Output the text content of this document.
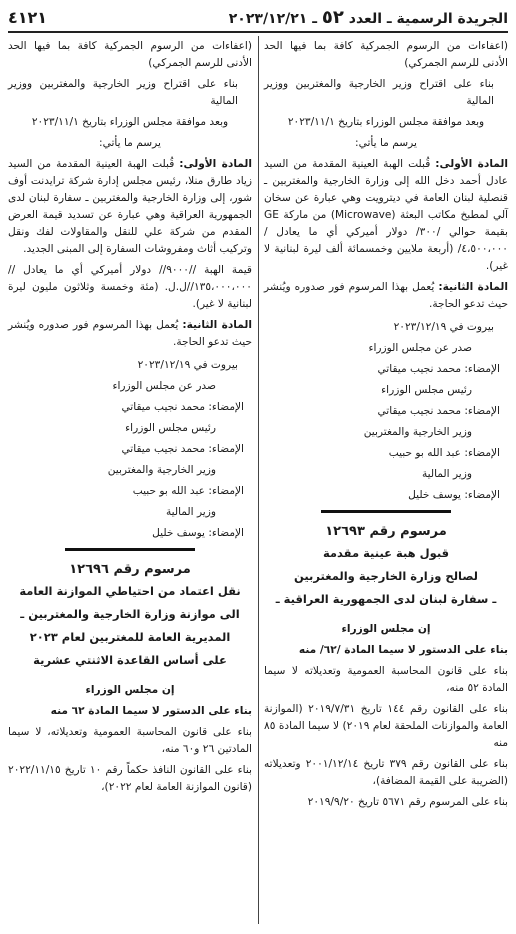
الجريدة الرسمية ـ العدد ٥٢ ـ ٢٠٢٣/١٢/٢١
٤١٢١

(اعفاءات من الرسوم الجمركية كافة بما فيها الحد الأدنى للرسم الجمركي)

بناء على اقتراح وزير الخارجية والمغتربين ووزير المالية

وبعد موافقة مجلس الوزراء بتاريخ ٢٠٢٣/١١/١

يرسم ما يأتي:

المادة الأولى: قُبلت الهبة العينية المقدمة من السيد عادل أحمد دخل الله إلى وزارة الخارجية والمغتربين ـ قنصلية لبنان العامة في ديترويت وهي عبارة عن سخان آلي لمطبخ مكاتب البعثة (Microwave) من ماركة GE بقيمة حوالي /٣٠٠/ دولار أميركي أي ما يعادل /٤،٥٠٠،٠٠٠/ (أربعة ملايين وخمسمائة ألف ليرة لبنانية لا غير).

المادة الثانية: يُعمل بهذا المرسوم فور صدوره ويُنشر حيث تدعو الحاجة.

بيروت في ٢٠٢٣/١٢/١٩

صدر عن مجلس الوزراء

الإمضاء: محمد نجيب ميقاتي

رئيس مجلس الوزراء

الإمضاء: محمد نجيب ميقاتي

وزير الخارجية والمغتربين

الإمضاء: عبد الله بو حبيب

وزير المالية

الإمضاء: يوسف خليل

مرسوم رقم ١٢٦٩٣

قبول هبة عينية مقدمة

لصالح وزارة الخارجية والمغتربين

ـ سفارة لبنان لدى الجمهورية العراقية ـ

إن مجلس الوزراء

بناء على الدستور لا سيما المادة /٦٢/ منه

بناء على قانون المحاسبة العمومية وتعديلاته لا سيما المادة ٥٢ منه،

بناء على القانون رقم ١٤٤ تاريخ ٢٠١٩/٧/٣١ (الموازنة العامة والموازنات الملحقة لعام ٢٠١٩) لا سيما المادة ٨٥ منه

بناء على القانون رقم ٣٧٩ تاريخ ٢٠٠١/١٢/١٤ وتعديلاته (الضريبة على القيمة المضافة)،

بناء على المرسوم رقم ٥٦٧١ تاريخ ٢٠١٩/٩/٢٠

(اعفاءات من الرسوم الجمركية كافة بما فيها الحد الأدنى للرسم الجمركي)

بناء على اقتراح وزير الخارجية والمغتربين ووزير المالية

وبعد موافقة مجلس الوزراء بتاريخ ٢٠٢٣/١١/١

يرسم ما يأتي:

المادة الأولى: قُبلت الهبة العينية المقدمة من السيد زياد طارق منلا، رئيس مجلس إدارة شركة ترايدنت أوف شور، إلى وزارة الخارجية والمغتربين ـ سفارة لبنان لدى الجمهورية العراقية وهي عبارة عن تسديد قيمة العرض المقدم من شركة علي للنقل والمقاولات لفك ونقل وتركيب أثاث ومفروشات السفارة إلى المبنى الجديد.

قيمة الهبة //٩٠٠٠// دولار أميركي أي ما يعادل //١٣٥،٠٠٠،٠٠٠//ل.ل. (مئة وخمسة وثلاثون مليون ليرة لبنانية لا غير).

المادة الثانية: يُعمل بهذا المرسوم فور صدوره ويُنشر حيث تدعو الحاجة.

بيروت في ٢٠٢٣/١٢/١٩

صدر عن مجلس الوزراء

الإمضاء: محمد نجيب ميقاتي

رئيس مجلس الوزراء

الإمضاء: محمد نجيب ميقاتي

وزير الخارجية والمغتربين

الإمضاء: عبد الله بو حبيب

وزير المالية

الإمضاء: يوسف خليل

مرسوم رقم ١٢٦٩٦

نقل اعتماد من احتياطي الموازنة العامة

الى موازنة وزارة الخارجية والمغتربين ـ

المديرية العامة للمغتربين لعام ٢٠٢٣

على أساس القاعدة الاثنتي عشرية

إن مجلس الوزراء

بناء على الدستور لا سيما المادة ٦٢ منه

بناء على قانون المحاسبة العمومية وتعديلاته، لا سيما المادتين ٢٦ و٦٠ منه،

بناء على القانون النافذ حكماً رقم ١٠ تاريخ ٢٠٢٢/١١/١٥ (قانون الموازنة العامة لعام ٢٠٢٢)،
